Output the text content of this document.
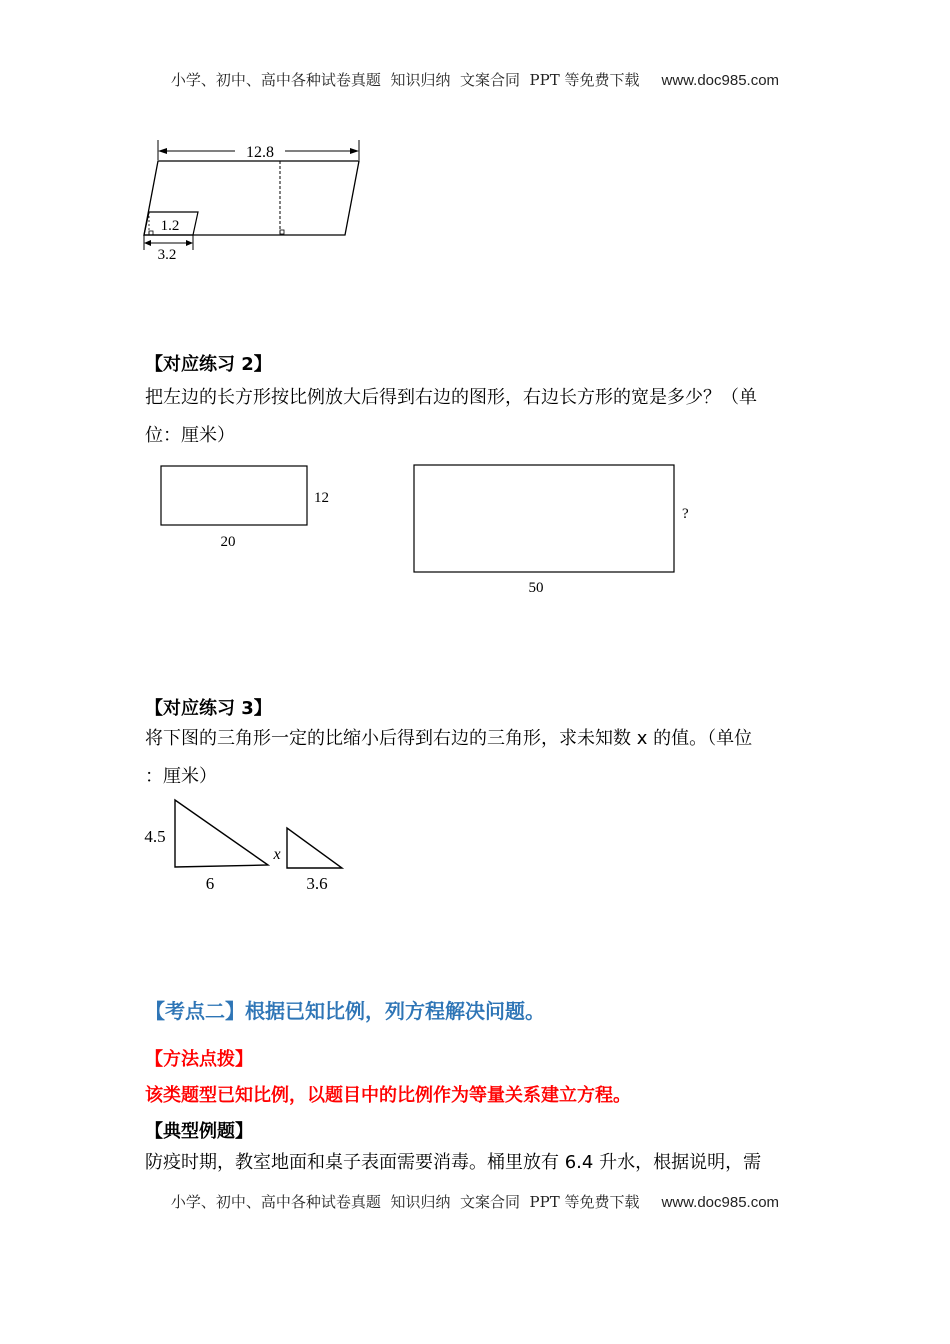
小学、初中、高中各种试卷真题  知识归纳  文案合同  PPT 等免费下载 www.doc985.com
12.8
1.2
3.2
【对应练习 2】
把左边的长方形按比例放大后得到右边的图形，右边长方形的宽是多少？（单
位：厘米）
12
20
?
50
【对应练习 3】
将下图的三角形一定的比缩小后得到右边的三角形，求未知数 x 的值。（单位
：厘米）
4.5
6
x
3.6
【考点二】根据已知比例，列方程解决问题。
【方法点拨】
该类题型已知比例，以题目中的比例作为等量关系建立方程。
【典型例题】
防疫时期，教室地面和桌子表面需要消毒。桶里放有 6.4 升水，根据说明，需
小学、初中、高中各种试卷真题  知识归纳  文案合同  PPT 等免费下载 www.doc985.com
